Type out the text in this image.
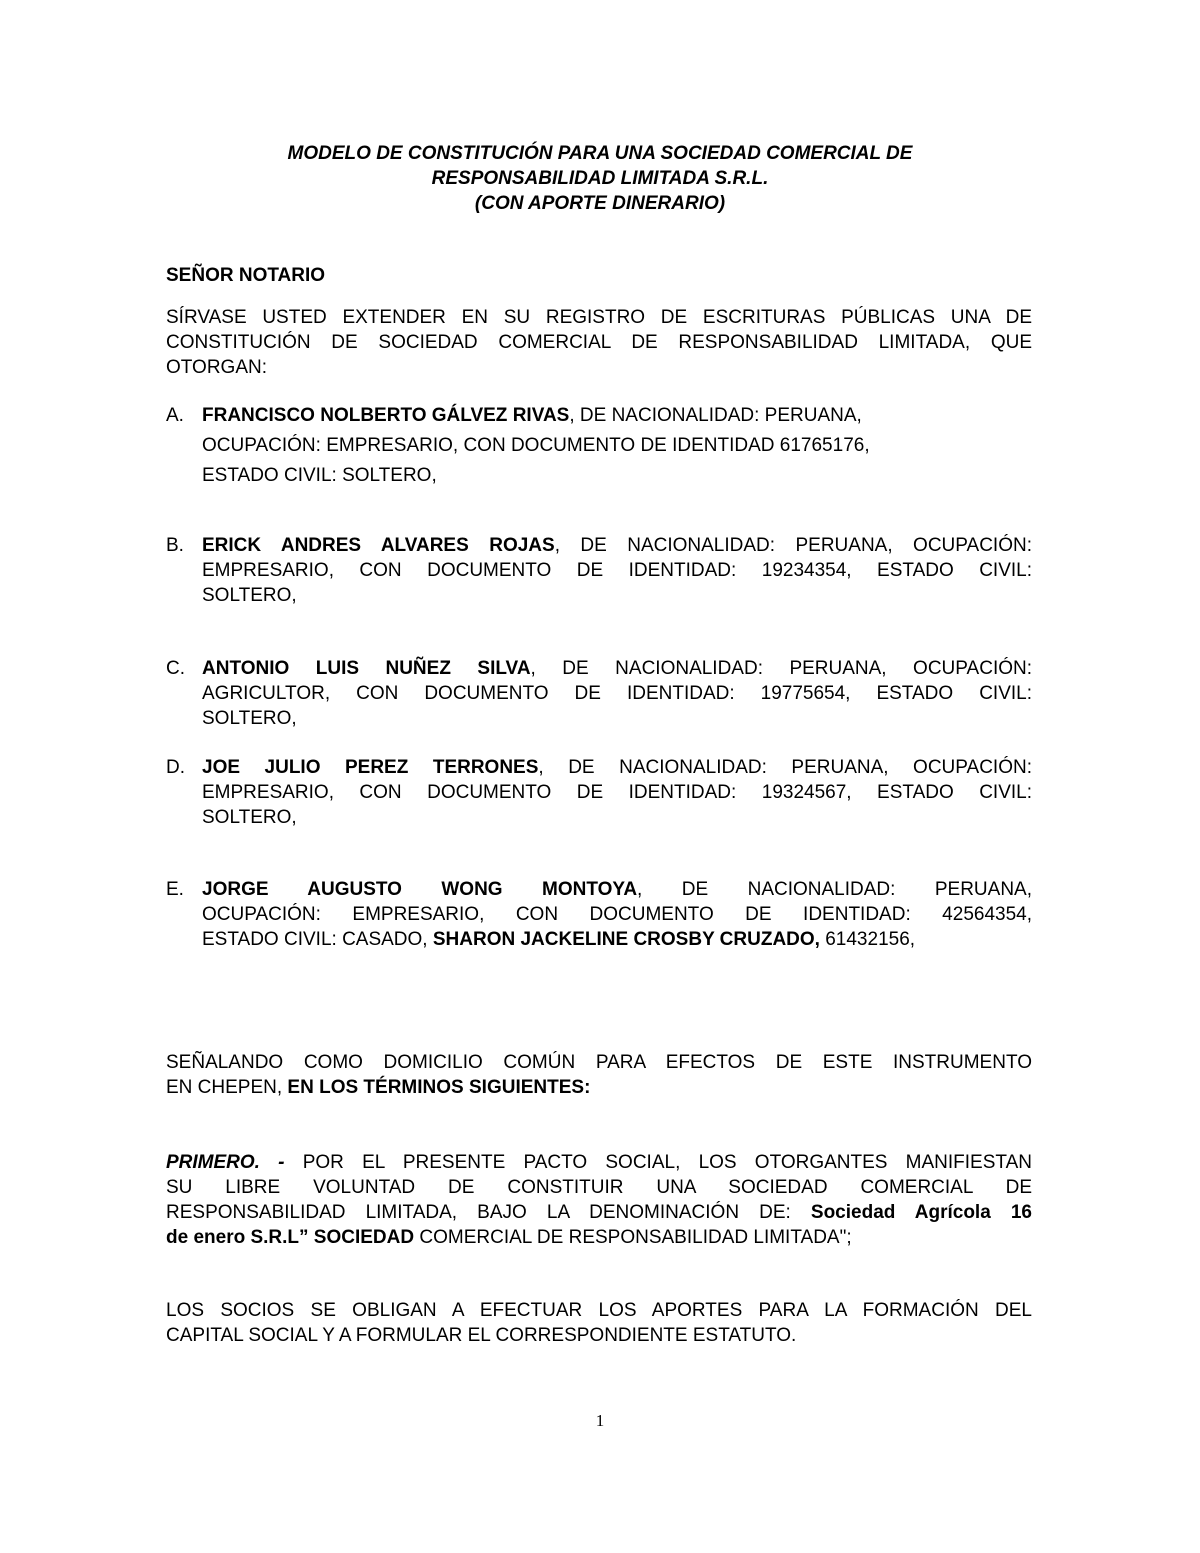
MODELO DE CONSTITUCIÓN PARA UNA SOCIEDAD COMERCIAL DE
RESPONSABILIDAD LIMITADA S.R.L.
(CON APORTE DINERARIO)
SEÑOR NOTARIO

SÍRVASE USTED EXTENDER EN SU REGISTRO DE ESCRITURAS PÚBLICAS UNA DE

CONSTITUCIÓN DE SOCIEDAD COMERCIAL DE RESPONSABILIDAD LIMITADA, QUE

OTORGAN:

A. FRANCISCO NOLBERTO GÁLVEZ RIVAS, DE NACIONALIDAD: PERUANA,
OCUPACIÓN: EMPRESARIO, CON DOCUMENTO DE IDENTIDAD 61765176,
ESTADO CIVIL: SOLTERO,
B. ERICK ANDRES ALVARES ROJAS, DE NACIONALIDAD: PERUANA, OCUPACIÓN:
EMPRESARIO, CON DOCUMENTO DE IDENTIDAD: 19234354, ESTADO CIVIL:
SOLTERO,
C. ANTONIO LUIS NUÑEZ SILVA, DE NACIONALIDAD: PERUANA, OCUPACIÓN:
AGRICULTOR, CON DOCUMENTO DE IDENTIDAD: 19775654, ESTADO CIVIL:
SOLTERO,
D. JOE JULIO PEREZ TERRONES, DE NACIONALIDAD: PERUANA, OCUPACIÓN:
EMPRESARIO, CON DOCUMENTO DE IDENTIDAD: 19324567, ESTADO CIVIL:
SOLTERO,
E. JORGE AUGUSTO WONG MONTOYA, DE NACIONALIDAD: PERUANA,
OCUPACIÓN: EMPRESARIO, CON DOCUMENTO DE IDENTIDAD: 42564354,
ESTADO CIVIL: CASADO, SHARON JACKELINE CROSBY CRUZADO, 61432156,

SEÑALANDO COMO DOMICILIO COMÚN PARA EFECTOS DE ESTE INSTRUMENTO

EN CHEPEN, EN LOS TÉRMINOS SIGUIENTES:

PRIMERO. - POR EL PRESENTE PACTO SOCIAL, LOS OTORGANTES MANIFIESTAN

SU LIBRE VOLUNTAD DE CONSTITUIR UNA SOCIEDAD COMERCIAL DE

RESPONSABILIDAD LIMITADA, BAJO LA DENOMINACIÓN DE: Sociedad Agrícola 16

de enero S.R.L” SOCIEDAD COMERCIAL DE RESPONSABILIDAD LIMITADA";

LOS SOCIOS SE OBLIGAN A EFECTUAR LOS APORTES PARA LA FORMACIÓN DEL

CAPITAL SOCIAL Y A FORMULAR EL CORRESPONDIENTE ESTATUTO.

1
